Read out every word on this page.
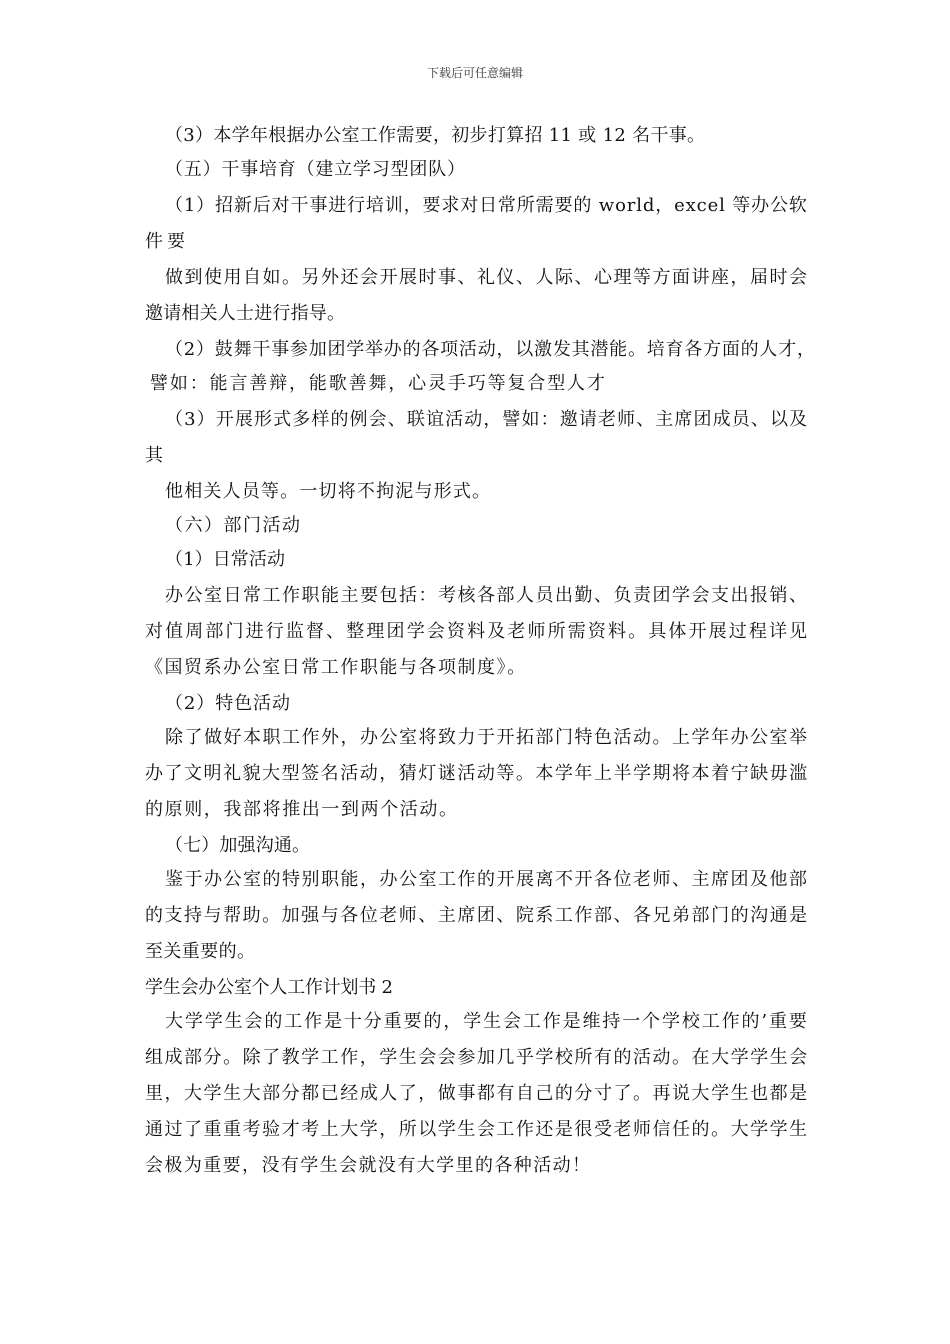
下载后可任意编辑
（3）本学年根据办公室工作需要，初步打算招 11 或 12 名干事。
（五）干事培育（建立学习型团队）
（1）招新后对干事进行培训，要求对日常所需要的 world，excel 等办公软
件要
做到使用自如。另外还会开展时事、礼仪、人际、心理等方面讲座，届时会
邀请相关人士进行指导。
（2）鼓舞干事参加团学举办的各项活动，以激发其潜能。培育各方面的人才，
譬如：能言善辩，能歌善舞，心灵手巧等复合型人才
（3）开展形式多样的例会、联谊活动，譬如：邀请老师、主席团成员、以及
其
他相关人员等。一切将不拘泥与形式。
（六）部门活动
（1）日常活动
办公室日常工作职能主要包括：考核各部人员出勤、负责团学会支出报销、
对值周部门进行监督、整理团学会资料及老师所需资料。具体开展过程详见
《国贸系办公室日常工作职能与各项制度》。
（2）特色活动
除了做好本职工作外，办公室将致力于开拓部门特色活动。上学年办公室举
办了文明礼貌大型签名活动，猜灯谜活动等。本学年上半学期将本着宁缺毋滥
的原则，我部将推出一到两个活动。
（七）加强沟通。
鉴于办公室的特别职能，办公室工作的开展离不开各位老师、主席团及他部
的支持与帮助。加强与各位老师、主席团、院系工作部、各兄弟部门的沟通是
至关重要的。
学生会办公室个人工作计划书 2
大学学生会的工作是十分重要的，学生会工作是维持一个学校工作的’重要
组成部分。除了教学工作，学生会会参加几乎学校所有的活动。在大学学生会
里，大学生大部分都已经成人了，做事都有自己的分寸了。再说大学生也都是
通过了重重考验才考上大学，所以学生会工作还是很受老师信任的。大学学生
会极为重要，没有学生会就没有大学里的各种活动！
